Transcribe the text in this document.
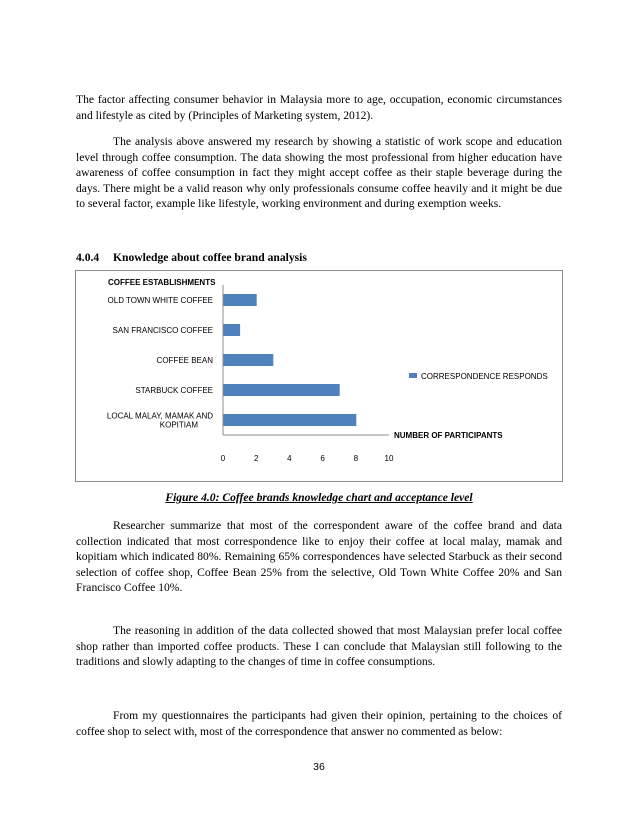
The factor affecting consumer behavior in Malaysia more to age, occupation, economic circumstances and lifestyle as cited by (Principles of Marketing system, 2012).

The analysis above answered my research by showing a statistic of work scope and education level through coffee consumption. The data showing the most professional from higher education have awareness of coffee consumption in fact they might accept coffee as their staple beverage during the days. There might be a valid reason why only professionals consume coffee heavily and it might be due to several factor, example like lifestyle, working environment and during exemption weeks.

4.0.4 Knowledge about coffee brand analysis

COFFEE ESTABLISHMENTS
OLD TOWN WHITE COFFEE
SAN FRANCISCO COFFEE
COFFEE BEAN
STARBUCK COFFEE
LOCAL MALAY, MAMAK AND KOPITIAM
0	2	4	6	8	10
CORRESPONDENCE RESPONDS
NUMBER OF PARTICIPANTS

Figure 4.0: Coffee brands knowledge chart and acceptance level

Researcher summarize that most of the correspondent aware of the coffee brand and data collection indicated that most correspondence like to enjoy their coffee at local malay, mamak and kopitiam which indicated 80%. Remaining 65% correspondences have selected Starbuck as their second selection of coffee shop, Coffee Bean 25% from the selective, Old Town White Coffee 20% and San Francisco Coffee 10%.

The reasoning in addition of the data collected showed that most Malaysian prefer local coffee shop rather than imported coffee products. These I can conclude that Malaysian still following to the traditions and slowly adapting to the changes of time in coffee consumptions.

From my questionnaires the participants had given their opinion, pertaining to the choices of coffee shop to select with, most of the correspondence that answer no commented as below:

36
